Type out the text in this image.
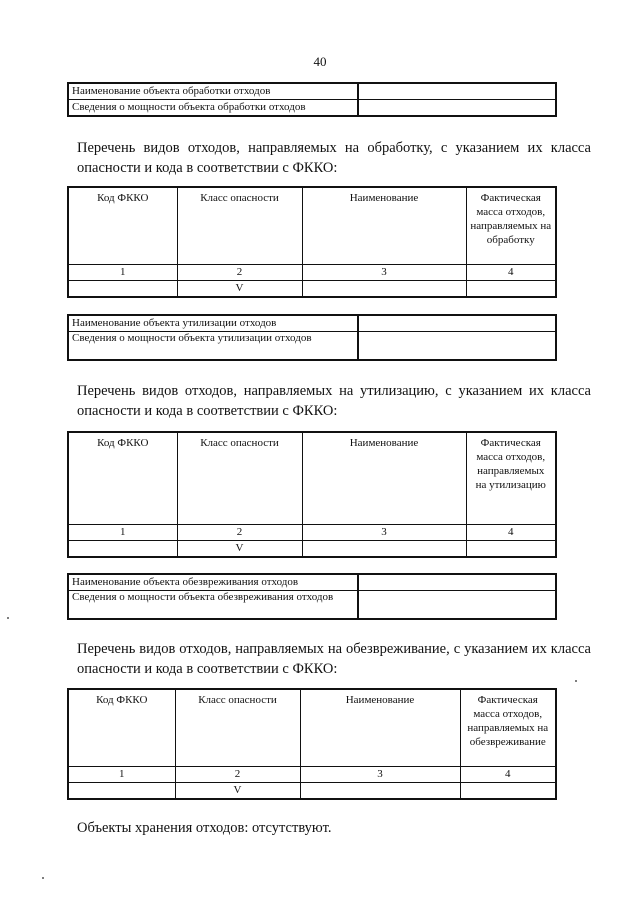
40
Наименование объекта обработки отходов	
Сведения о мощности объекта обработки отходов	
Перечень видов отходов, направляемых на обработку, с указанием их класса опасности и кода в соответствии с ФККО:
Код ФККО	Класс опасности	Наименование	Фактическая масса отходов, направляемых на обработку
1	2	3	4
	V		
Наименование объекта утилизации отходов	
Сведения о мощности объекта утилизации отходов	
Перечень видов отходов, направляемых на утилизацию, с указанием их класса опасности и кода в соответствии с ФККО:
Код ФККО	Класс опасности	Наименование	Фактическая масса отходов, направляемых на утилизацию
1	2	3	4
	V		
Наименование объекта обезвреживания отходов	
Сведения о мощности объекта обезвреживания отходов	
Перечень видов отходов, направляемых на обезвреживание, с указанием их класса опасности и кода в соответствии с ФККО:
Код ФККО	Класс опасности	Наименование	Фактическая масса отходов, направляемых на обезвреживание
1	2	3	4
	V		
Объекты хранения отходов: отсутствуют.
